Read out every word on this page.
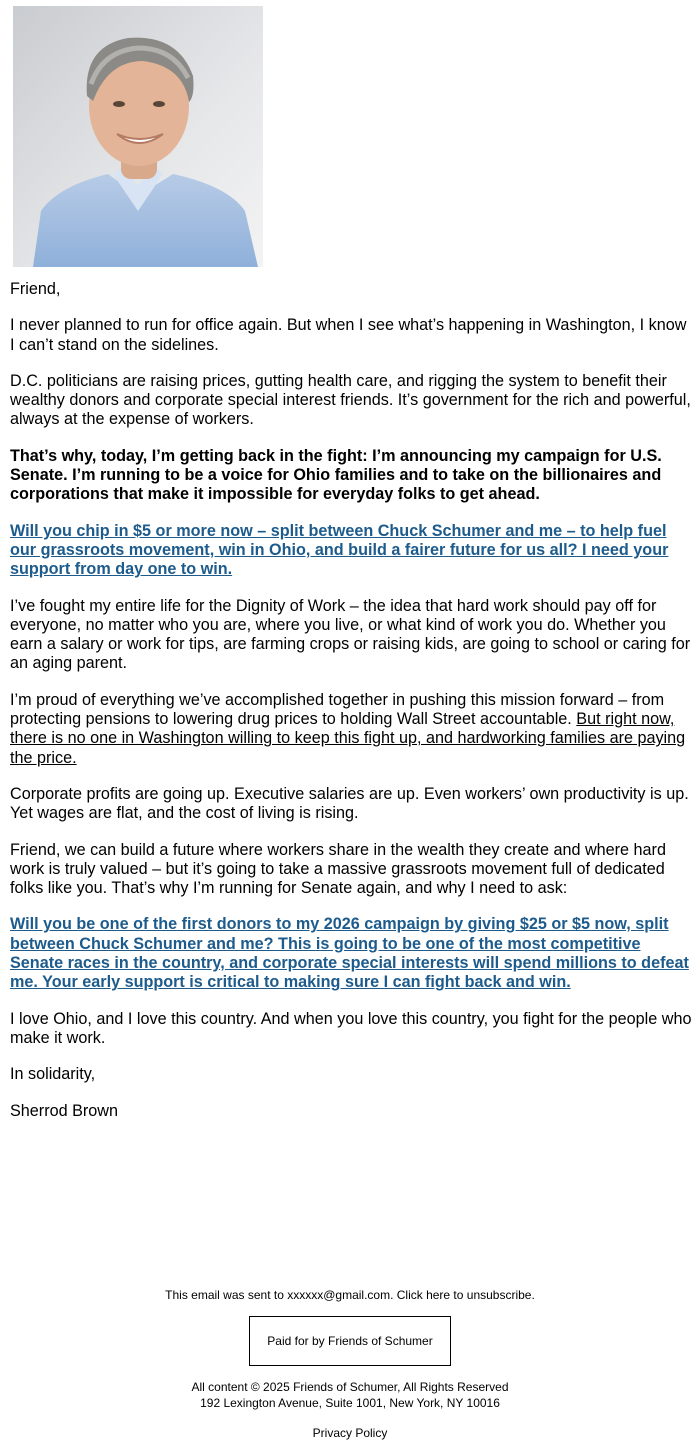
Friend,

I never planned to run for office again. But when I see what’s happening in Washington, I know I can’t stand on the sidelines.

D.C. politicians are raising prices, gutting health care, and rigging the system to benefit their wealthy donors and corporate special interest friends. It’s government for the rich and powerful, always at the expense of workers.

That’s why, today, I’m getting back in the fight: I’m announcing my campaign for U.S. Senate. I’m running to be a voice for Ohio families and to take on the billionaires and corporations that make it impossible for everyday folks to get ahead.

Will you chip in $5 or more now – split between Chuck Schumer and me – to help fuel our grassroots movement, win in Ohio, and build a fairer future for us all? I need your support from day one to win.

I’ve fought my entire life for the Dignity of Work – the idea that hard work should pay off for everyone, no matter who you are, where you live, or what kind of work you do. Whether you earn a salary or work for tips, are farming crops or raising kids, are going to school or caring for an aging parent.

I’m proud of everything we’ve accomplished together in pushing this mission forward – from protecting pensions to lowering drug prices to holding Wall Street accountable. But right now, there is no one in Washington willing to keep this fight up, and hardworking families are paying the price.

Corporate profits are going up. Executive salaries are up. Even workers’ own productivity is up. Yet wages are flat, and the cost of living is rising.

Friend, we can build a future where workers share in the wealth they create and where hard work is truly valued – but it’s going to take a massive grassroots movement full of dedicated folks like you. That’s why I’m running for Senate again, and why I need to ask:

Will you be one of the first donors to my 2026 campaign by giving $25 or $5 now, split between Chuck Schumer and me? This is going to be one of the most competitive Senate races in the country, and corporate special interests will spend millions to defeat me. Your early support is critical to making sure I can fight back and win.

I love Ohio, and I love this country. And when you love this country, you fight for the people who make it work.

In solidarity,

Sherrod Brown

This email was sent to xxxxxx@gmail.com. Click here to unsubscribe.

Paid for by Friends of Schumer

All content © 2025 Friends of Schumer, All Rights Reserved
192 Lexington Avenue, Suite 1001, New York, NY 10016

Privacy Policy
